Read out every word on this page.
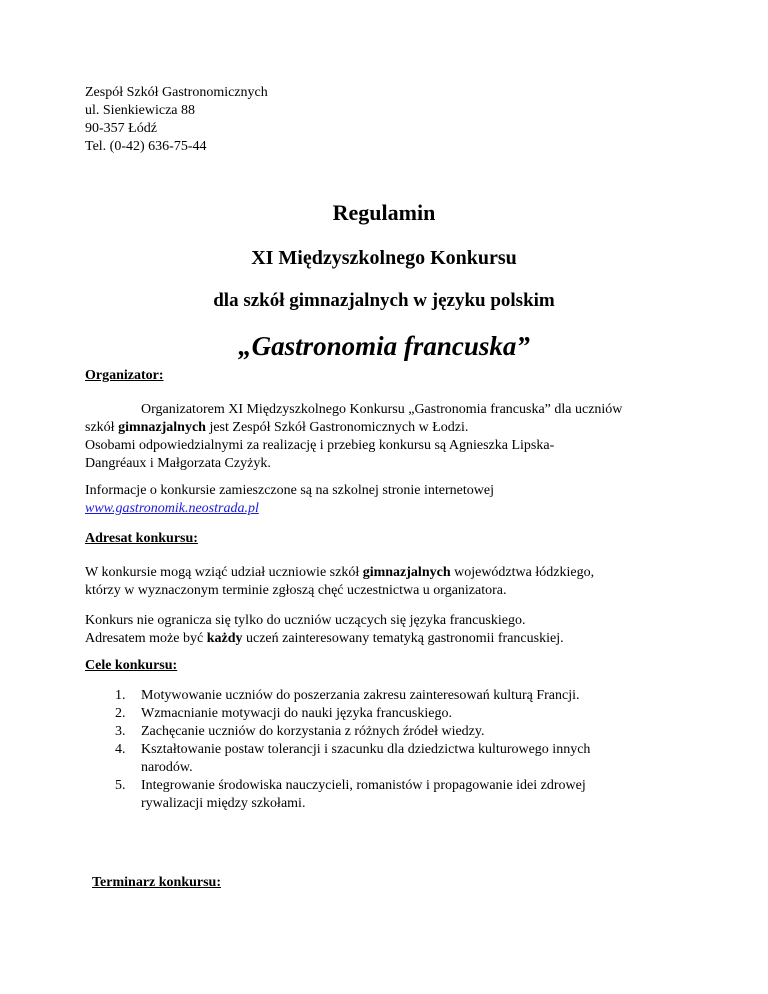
Zespół Szkół Gastronomicznych
ul. Sienkiewicza 88
90-357 Łódź
Tel. (0-42) 636-75-44
Regulamin
XI Międzyszkolnego Konkursu
dla szkół gimnazjalnych w języku polskim
„Gastronomia francuska”
Organizator:
Organizatorem XI Międzyszkolnego Konkursu „Gastronomia francuska” dla uczniów
szkół gimnazjalnych jest Zespół Szkół Gastronomicznych w Łodzi.
Osobami odpowiedzialnymi za realizację i przebieg konkursu są Agnieszka Lipska-
Dangréaux i Małgorzata Czyżyk.
Informacje o konkursie zamieszczone są na szkolnej stronie internetowej
www.gastronomik.neostrada.pl
Adresat konkursu:
W konkursie mogą wziąć udział uczniowie szkół gimnazjalnych województwa łódzkiego,
którzy w wyznaczonym terminie zgłoszą chęć uczestnictwa u organizatora.
Konkurs nie ogranicza się tylko do uczniów uczących się języka francuskiego.
Adresatem może być każdy uczeń zainteresowany tematyką gastronomii francuskiej.
Cele konkursu:
1. Motywowanie uczniów do poszerzania zakresu zainteresowań kulturą Francji.
2. Wzmacnianie motywacji do nauki języka francuskiego.
3. Zachęcanie uczniów do korzystania z różnych źródeł wiedzy.
4. Kształtowanie postaw tolerancji i szacunku dla dziedzictwa kulturowego innych
narodów.
5. Integrowanie środowiska nauczycieli, romanistów i propagowanie idei zdrowej
rywalizacji między szkołami.
Terminarz konkursu:
